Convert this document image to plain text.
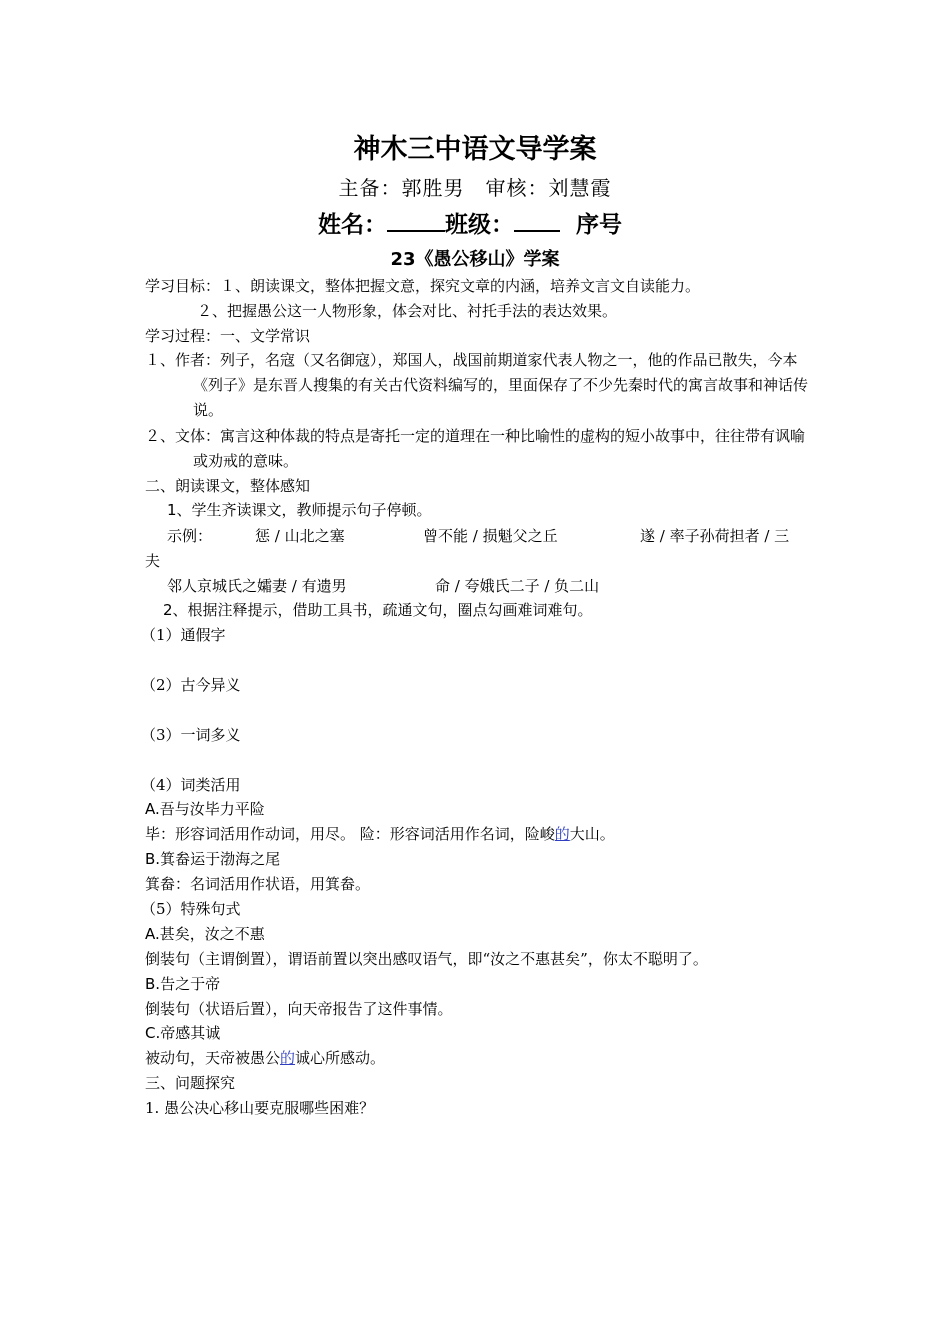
神木三中语文导学案
主备：郭胜男　审核：刘慧霞
姓名：	班级：	序号
23《愚公移山》学案
学习目标：１、朗读课文，整体把握文意，探究文章的内涵，培养文言文自读能力。
２、把握愚公这一人物形象，体会对比、衬托手法的表达效果。
学习过程：一、文学常识
１、作者：列子，名寇（又名御寇），郑国人，战国前期道家代表人物之一，他的作品已散失，今本《列子》是东晋人搜集的有关古代资料编写的，里面保存了不少先秦时代的寓言故事和神话传说。
２、文体：寓言这种体裁的特点是寄托一定的道理在一种比喻性的虚构的短小故事中，往往带有讽喻或劝戒的意味。
二、朗读课文，整体感知
1、学生齐读课文，教师提示句子停顿。
示例：	惩 / 山北之塞	曾不能 / 损魁父之丘	遂 / 率子孙荷担者 / 三
夫
邻人京城氏之孀妻 / 有遗男	命 / 夸娥氏二子 / 负二山
2、根据注释提示，借助工具书，疏通文句，圈点勾画难词难句。
（1）通假字
（2）古今异义
（3）一词多义
（4）词类活用
A.吾与汝毕力平险
毕：形容词活用作动词，用尽。 险：形容词活用作名词，险峻的大山。
B.箕畚运于渤海之尾
箕畚：名词活用作状语，用箕畚。
（5）特殊句式
A.甚矣，汝之不惠
倒装句（主谓倒置），谓语前置以突出感叹语气，即“汝之不惠甚矣”，你太不聪明了。
B.告之于帝
倒装句（状语后置），向天帝报告了这件事情。
C.帝感其诚
被动句，天帝被愚公的诚心所感动。
三、问题探究
1. 愚公决心移山要克服哪些困难？
